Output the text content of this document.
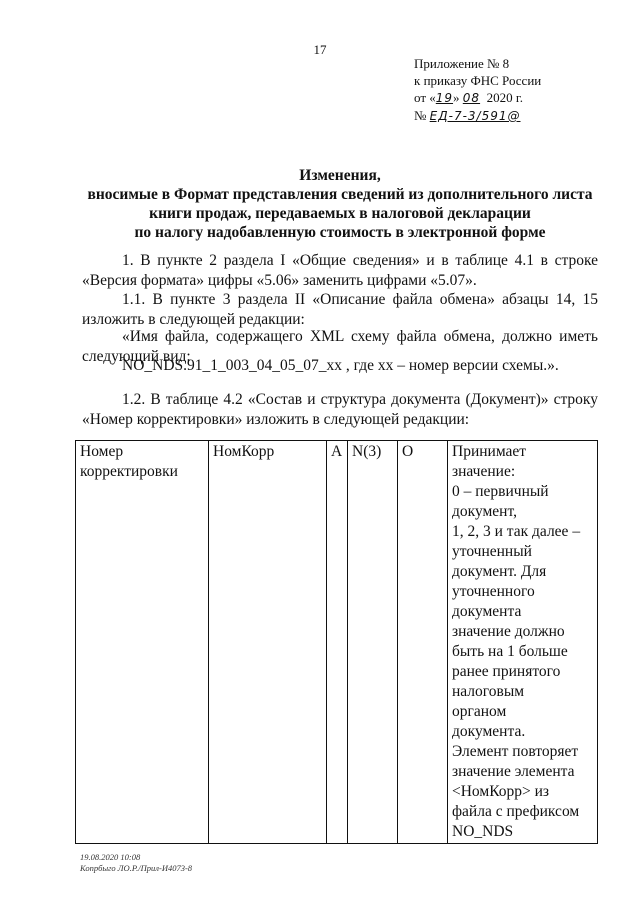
17
Приложение № 8
к приказу ФНС России
от «19» 08 2020 г.
№ ЕД-7-3/591@
Изменения,
вносимые в Формат представления сведений из дополнительного листа
книги продаж, передаваемых в налоговой декларации
по налогу надобавленную стоимость в электронной форме
1. В пункте 2 раздела I «Общие сведения» и в таблице 4.1 в строке «Версия формата» цифры «5.06» заменить цифрами «5.07».
1.1. В пункте 3 раздела II «Описание файла обмена» абзацы 14, 15 изложить в следующей редакции:
«Имя файла, содержащего XML схему файла обмена, должно иметь следующий вид:
NO_NDS.91_1_003_04_05_07_xx , где хх – номер версии схемы.».
1.2. В таблице 4.2 «Состав и структура документа (Документ)» строку «Номер корректировки» изложить в следующей редакции:
Номер корректировки	НомКорр	А	N(3)	О	Принимает
значение:
0 – первичный
документ,
1, 2, 3 и так далее –
уточненный
документ. Для
уточненного
документа
значение должно
быть на 1 больше
ранее принятого
налоговым
органом
документа.
Элемент повторяет
значение элемента
<НомКорр> из
файла с префиксом
NO_NDS
19.08.2020 10:08
Копрбыго ЛО.Р./Прил-И4073-8
